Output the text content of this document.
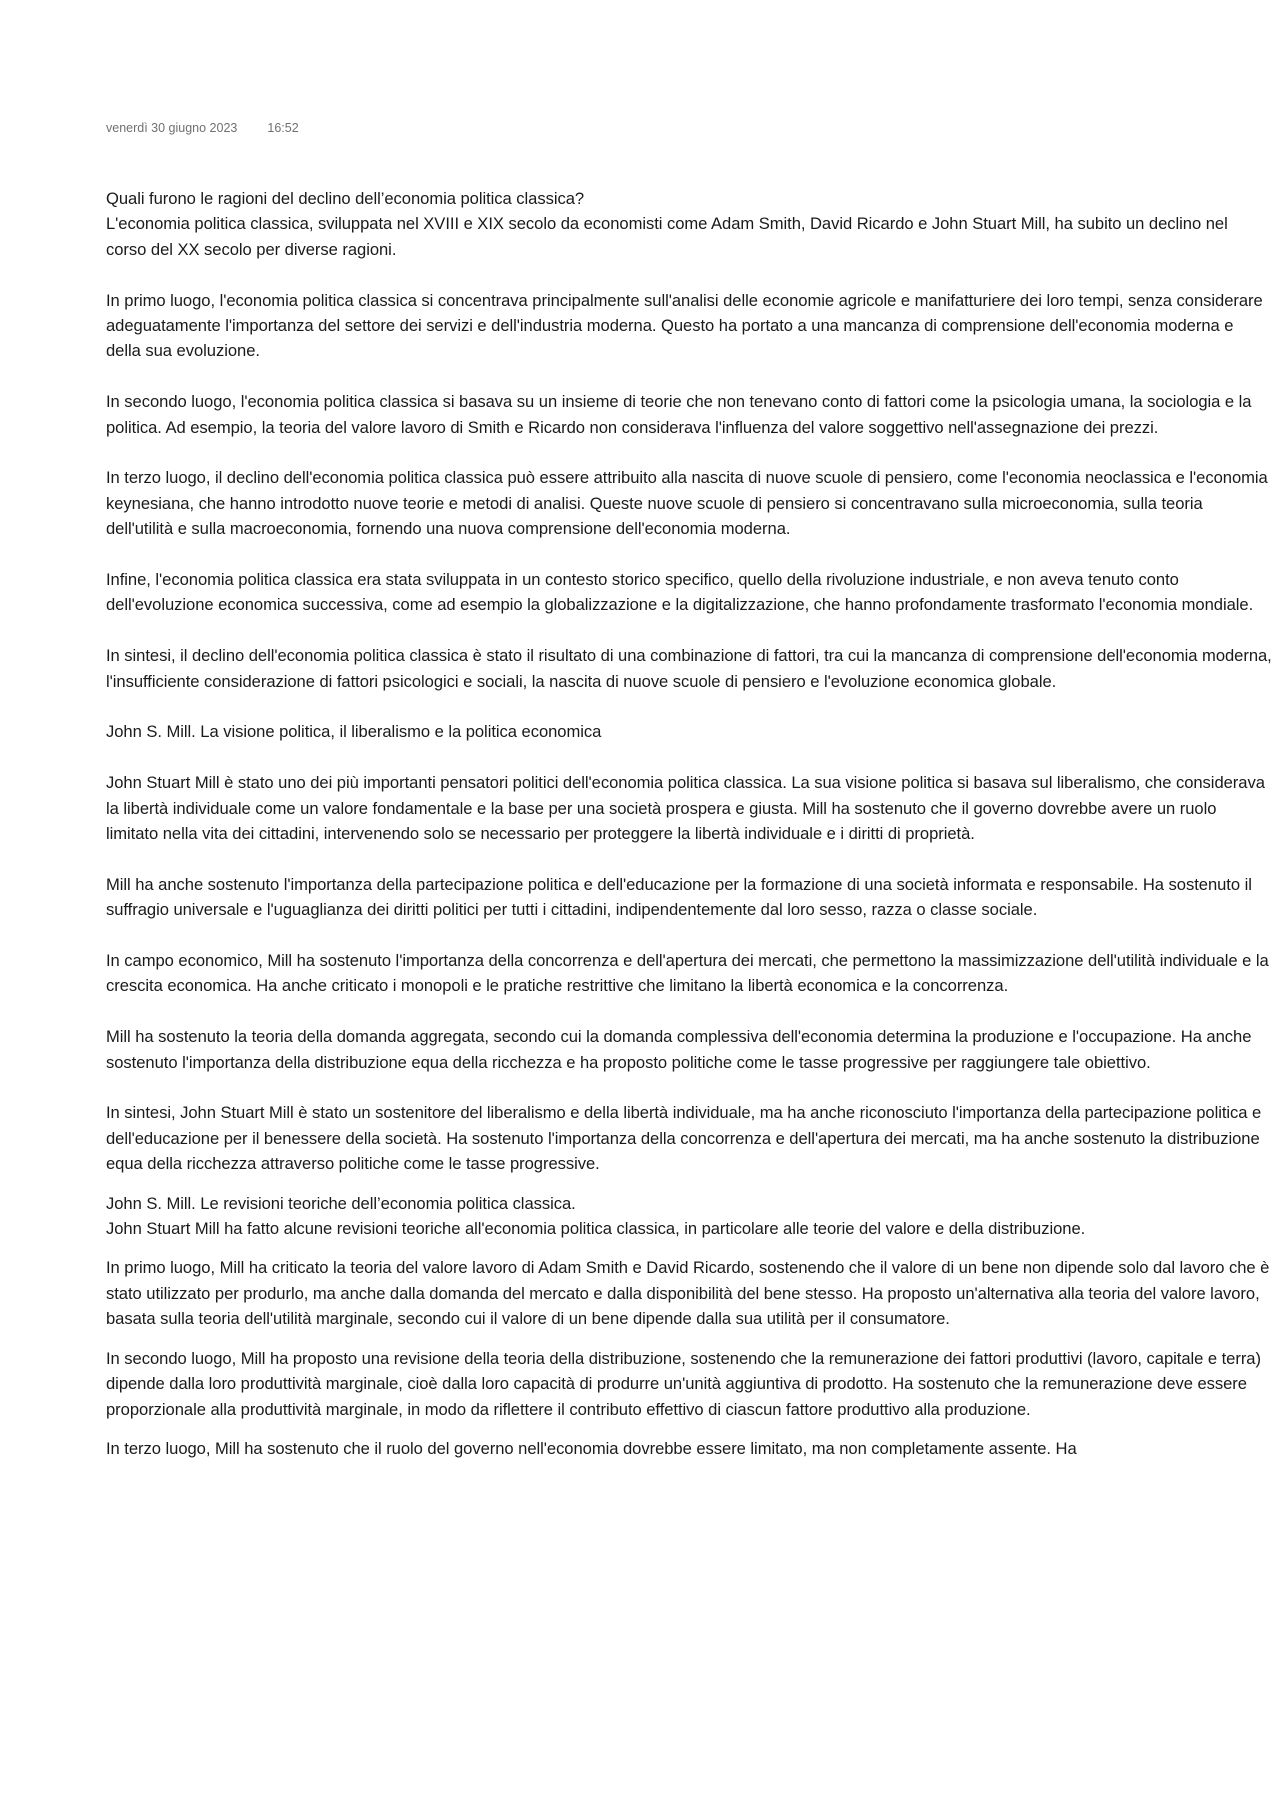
venerdì 30 giugno 2023 16:52

Quali furono le ragioni del declino dell’economia politica classica?
L'economia politica classica, sviluppata nel XVIII e XIX secolo da economisti come Adam Smith, David Ricardo e John Stuart Mill, ha subito un declino nel corso del XX secolo per diverse ragioni.

In primo luogo, l'economia politica classica si concentrava principalmente sull'analisi delle economie agricole e manifatturiere dei loro tempi, senza considerare adeguatamente l'importanza del settore dei servizi e dell'industria moderna. Questo ha portato a una mancanza di comprensione dell'economia moderna e della sua evoluzione.

In secondo luogo, l'economia politica classica si basava su un insieme di teorie che non tenevano conto di fattori come la psicologia umana, la sociologia e la politica. Ad esempio, la teoria del valore lavoro di Smith e Ricardo non considerava l'influenza del valore soggettivo nell'assegnazione dei prezzi.

In terzo luogo, il declino dell'economia politica classica può essere attribuito alla nascita di nuove scuole di pensiero, come l'economia neoclassica e l'economia keynesiana, che hanno introdotto nuove teorie e metodi di analisi. Queste nuove scuole di pensiero si concentravano sulla microeconomia, sulla teoria dell'utilità e sulla macroeconomia, fornendo una nuova comprensione dell'economia moderna.

Infine, l'economia politica classica era stata sviluppata in un contesto storico specifico, quello della rivoluzione industriale, e non aveva tenuto conto dell'evoluzione economica successiva, come ad esempio la globalizzazione e la digitalizzazione, che hanno profondamente trasformato l'economia mondiale.

In sintesi, il declino dell'economia politica classica è stato il risultato di una combinazione di fattori, tra cui la mancanza di comprensione dell'economia moderna, l'insufficiente considerazione di fattori psicologici e sociali, la nascita di nuove scuole di pensiero e l'evoluzione economica globale.

John S. Mill. La visione politica, il liberalismo e la politica economica

John Stuart Mill è stato uno dei più importanti pensatori politici dell'economia politica classica. La sua visione politica si basava sul liberalismo, che considerava la libertà individuale come un valore fondamentale e la base per una società prospera e giusta. Mill ha sostenuto che il governo dovrebbe avere un ruolo limitato nella vita dei cittadini, intervenendo solo se necessario per proteggere la libertà individuale e i diritti di proprietà.

Mill ha anche sostenuto l'importanza della partecipazione politica e dell'educazione per la formazione di una società informata e responsabile. Ha sostenuto il suffragio universale e l'uguaglianza dei diritti politici per tutti i cittadini, indipendentemente dal loro sesso, razza o classe sociale.

In campo economico, Mill ha sostenuto l'importanza della concorrenza e dell'apertura dei mercati, che permettono la massimizzazione dell'utilità individuale e la crescita economica. Ha anche criticato i monopoli e le pratiche restrittive che limitano la libertà economica e la concorrenza.

Mill ha sostenuto la teoria della domanda aggregata, secondo cui la domanda complessiva dell'economia determina la produzione e l'occupazione. Ha anche sostenuto l'importanza della distribuzione equa della ricchezza e ha proposto politiche come le tasse progressive per raggiungere tale obiettivo.

In sintesi, John Stuart Mill è stato un sostenitore del liberalismo e della libertà individuale, ma ha anche riconosciuto l'importanza della partecipazione politica e dell'educazione per il benessere della società. Ha sostenuto l'importanza della concorrenza e dell'apertura dei mercati, ma ha anche sostenuto la distribuzione equa della ricchezza attraverso politiche come le tasse progressive.

John S. Mill. Le revisioni teoriche dell’economia politica classica.
John Stuart Mill ha fatto alcune revisioni teoriche all'economia politica classica, in particolare alle teorie del valore e della distribuzione.

In primo luogo, Mill ha criticato la teoria del valore lavoro di Adam Smith e David Ricardo, sostenendo che il valore di un bene non dipende solo dal lavoro che è stato utilizzato per produrlo, ma anche dalla domanda del mercato e dalla disponibilità del bene stesso. Ha proposto un'alternativa alla teoria del valore lavoro, basata sulla teoria dell'utilità marginale, secondo cui il valore di un bene dipende dalla sua utilità per il consumatore.

In secondo luogo, Mill ha proposto una revisione della teoria della distribuzione, sostenendo che la remunerazione dei fattori produttivi (lavoro, capitale e terra) dipende dalla loro produttività marginale, cioè dalla loro capacità di produrre un'unità aggiuntiva di prodotto. Ha sostenuto che la remunerazione deve essere proporzionale alla produttività marginale, in modo da riflettere il contributo effettivo di ciascun fattore produttivo alla produzione.

In terzo luogo, Mill ha sostenuto che il ruolo del governo nell'economia dovrebbe essere limitato, ma non completamente assente. Ha
